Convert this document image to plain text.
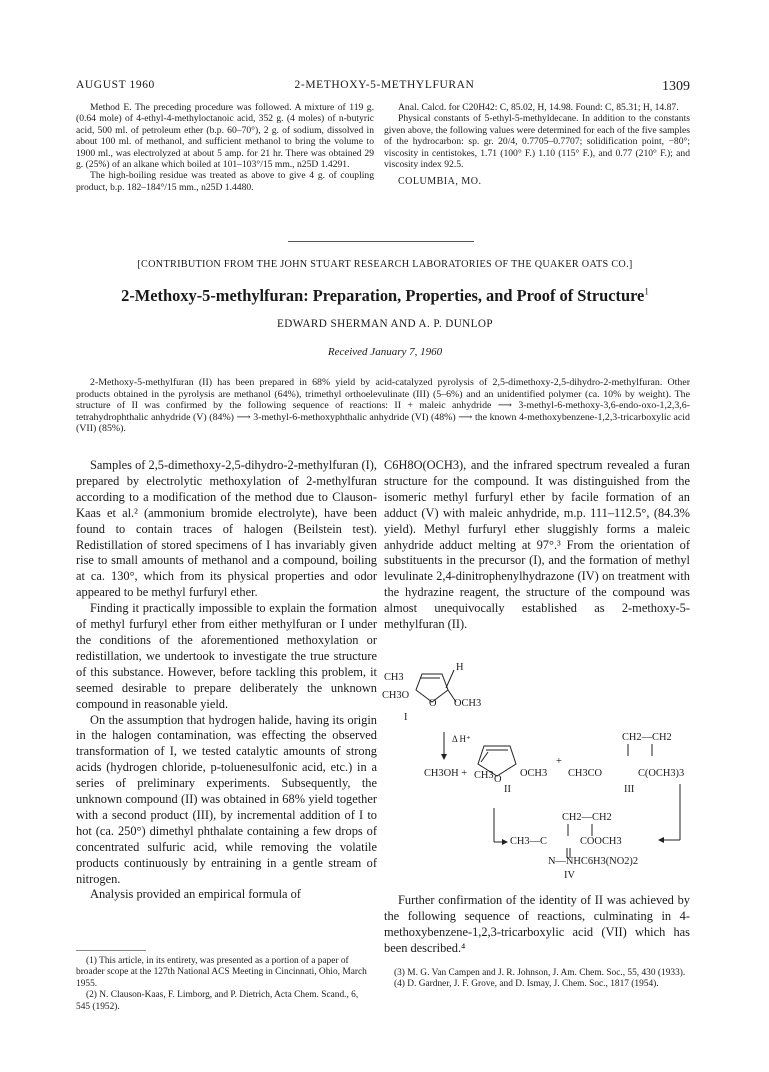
AUGUST 1960	2-METHOXY-5-METHYLFURAN	1309

Method E. The preceding procedure was followed. A mixture of 119 g. (0.64 mole) of 4-ethyl-4-methyloctanoic acid, 352 g. (4 moles) of n-butyric acid, 500 ml. of petroleum ether (b.p. 60–70°), 2 g. of sodium, dissolved in about 100 ml. of methanol, and sufficient methanol to bring the volume to 1900 ml., was electrolyzed at about 5 amp. for 21 hr. There was obtained 29 g. (25%) of an alkane which boiled at 101–103°/15 mm., n25D 1.4291.

The high-boiling residue was treated as above to give 4 g. of coupling product, b.p. 182–184°/15 mm., n25D 1.4480.

Anal. Calcd. for C20H42: C, 85.02, H, 14.98. Found: C, 85.31; H, 14.87.

Physical constants of 5-ethyl-5-methyldecane. In addition to the constants given above, the following values were determined for each of the five samples of the hydrocarbon: sp. gr. 20/4, 0.7705–0.7707; solidification point, −80°; viscosity in centistokes, 1.71 (100° F.) 1.10 (115° F.), and 0.77 (210° F.); and viscosity index 92.5.

COLUMBIA, MO.

[CONTRIBUTION FROM THE JOHN STUART RESEARCH LABORATORIES OF THE QUAKER OATS CO.]
2-Methoxy-5-methylfuran: Preparation, Properties, and Proof of Structure$^1$
EDWARD SHERMAN AND A. P. DUNLOP
Received January 7, 1960

2-Methoxy-5-methylfuran (II) has been prepared in 68% yield by acid-catalyzed pyrolysis of 2,5-dimethoxy-2,5-dihydro-2-methylfuran. Other products obtained in the pyrolysis are methanol (64%), trimethyl orthoelevulinate (III) (5–6%) and an unidentified polymer (ca. 10% by weight). The structure of II was confirmed by the following sequence of reactions: II + maleic anhydride ⟶ 3-methyl-6-methoxy-3,6-endo-oxo-1,2,3,6-tetrahydrophthalic anhydride (V) (84%) ⟶ 3-methyl-6-methoxyphthalic anhydride (VI) (48%) ⟶ the known 4-methoxybenzene-1,2,3-tricarboxylic acid (VII) (85%).

Samples of 2,5-dimethoxy-2,5-dihydro-2-methylfuran (I), prepared by electrolytic methoxylation of 2-methylfuran according to a modification of the method due to Clauson-Kaas et al.² (ammonium bromide electrolyte), have been found to contain traces of halogen (Beilstein test). Redistillation of stored specimens of I has invariably given rise to small amounts of methanol and a compound, boiling at ca. 130°, which from its physical properties and odor appeared to be methyl furfuryl ether.

Finding it practically impossible to explain the formation of methyl furfuryl ether from either methylfuran or I under the conditions of the aforementioned methoxylation or redistillation, we undertook to investigate the true structure of this substance. However, before tackling this problem, it seemed desirable to prepare deliberately the unknown compound in reasonable yield.

On the assumption that hydrogen halide, having its origin in the halogen contamination, was effecting the observed transformation of I, we tested catalytic amounts of strong acids (hydrogen chloride, p-toluenesulfonic acid, etc.) in a series of preliminary experiments. Subsequently, the unknown compound (II) was obtained in 68% yield together with a second product (III), by incremental addition of I to hot (ca. 250°) dimethyl phthalate containing a few drops of concentrated sulfuric acid, while removing the volatile products continuously by entraining in a gentle stream of nitrogen.

Analysis provided an empirical formula of

C6H8O(OCH3), and the infrared spectrum revealed a furan structure for the compound. It was distinguished from the isomeric methyl furfuryl ether by facile formation of an adduct (V) with maleic anhydride, m.p. 111–112.5°, (84.3% yield). Methyl furfuryl ether sluggishly forms a maleic anhydride adduct melting at 97°.³ From the orientation of substituents in the precursor (I), and the formation of methyl levulinate 2,4-dinitrophenylhydrazone (IV) on treatment with the hydrazine reagent, the structure of the compound was almost unequivocally established as 2-methoxy-5-methylfuran (II).

CH3
H
CH3O
O OCH3
I
Δ H⁺
CH3OH + CH3 O
OCH3
II
+
CH2—CH2
CH3CO	C(OCH3)3
III
CH2—CH2
CH3—C	COOCH3
N—NHC6H3(NO2)2
IV

Further confirmation of the identity of II was achieved by the following sequence of reactions, culminating in 4-methoxybenzene-1,2,3-tricarboxylic acid (VII) which has been described.⁴

(1) This article, in its entirety, was presented as a portion of a paper of broader scope at the 127th National ACS Meeting in Cincinnati, Ohio, March 1955.

(2) N. Clauson-Kaas, F. Limborg, and P. Dietrich, Acta Chem. Scand., 6, 545 (1952).

(3) M. G. Van Campen and J. R. Johnson, J. Am. Chem. Soc., 55, 430 (1933).

(4) D. Gardner, J. F. Grove, and D. Ismay, J. Chem. Soc., 1817 (1954).
